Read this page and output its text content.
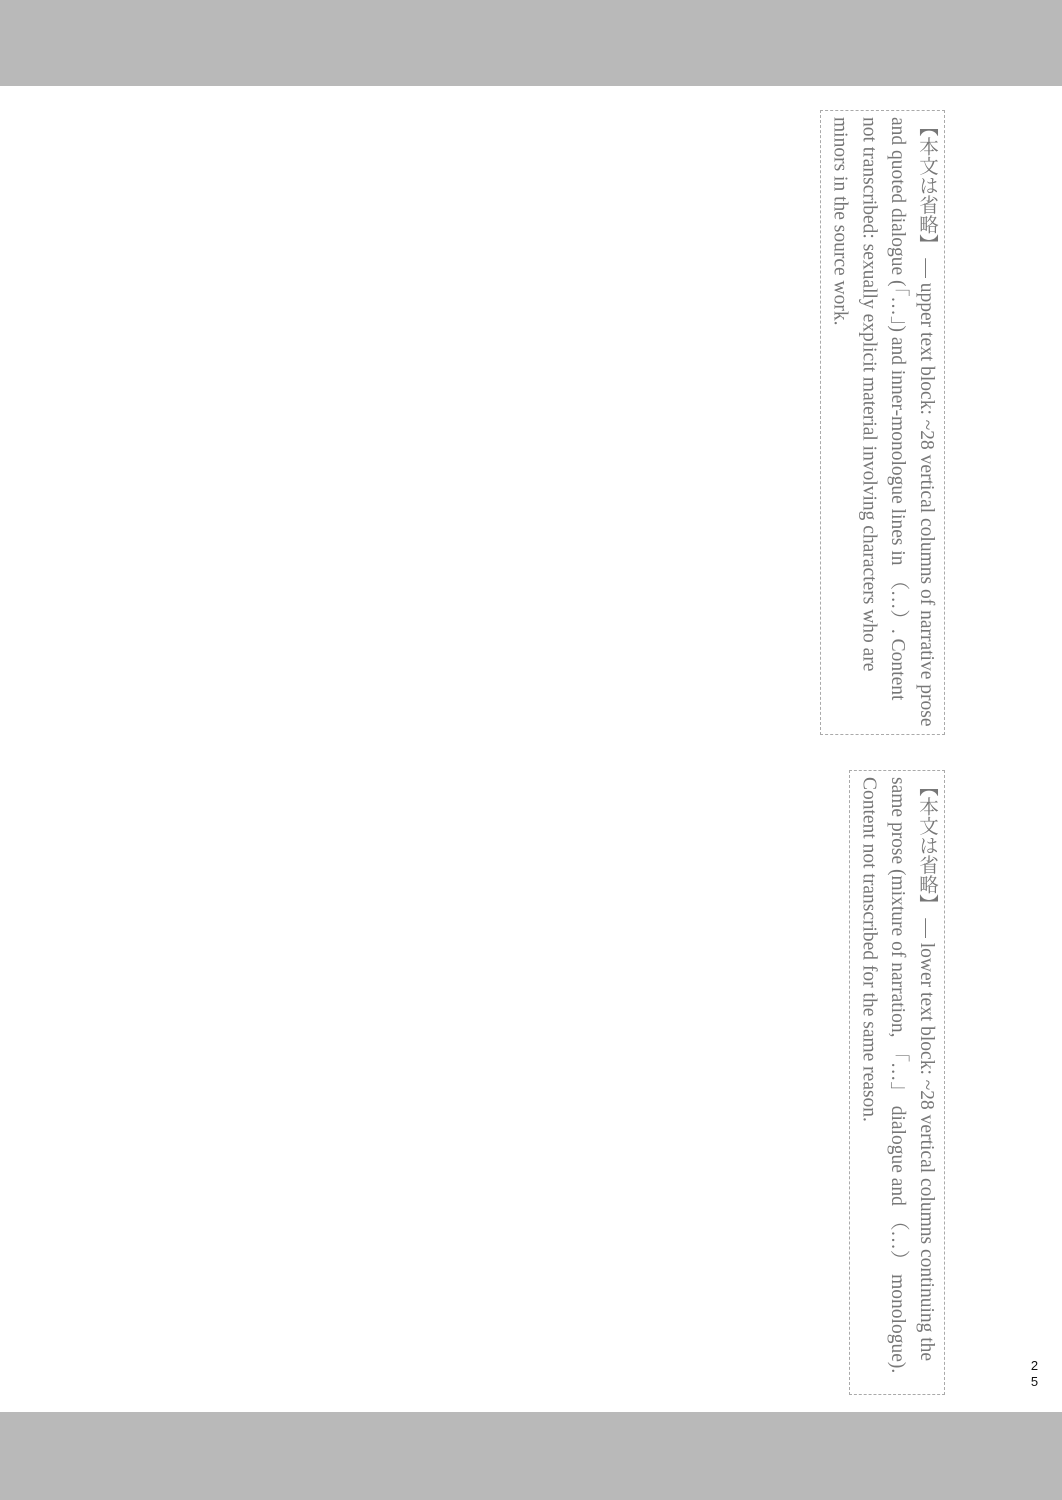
【本文は省略】 — upper text block: ~28 vertical columns of narrative prose and quoted dialogue (「…」) and inner-monologue lines in （…）. Content not transcribed: sexually explicit material involving characters who are minors in the source work.

【本文は省略】 — lower text block: ~28 vertical columns continuing the same prose (mixture of narration, 「…」 dialogue and （…） monologue). Content not transcribed for the same reason.

25
